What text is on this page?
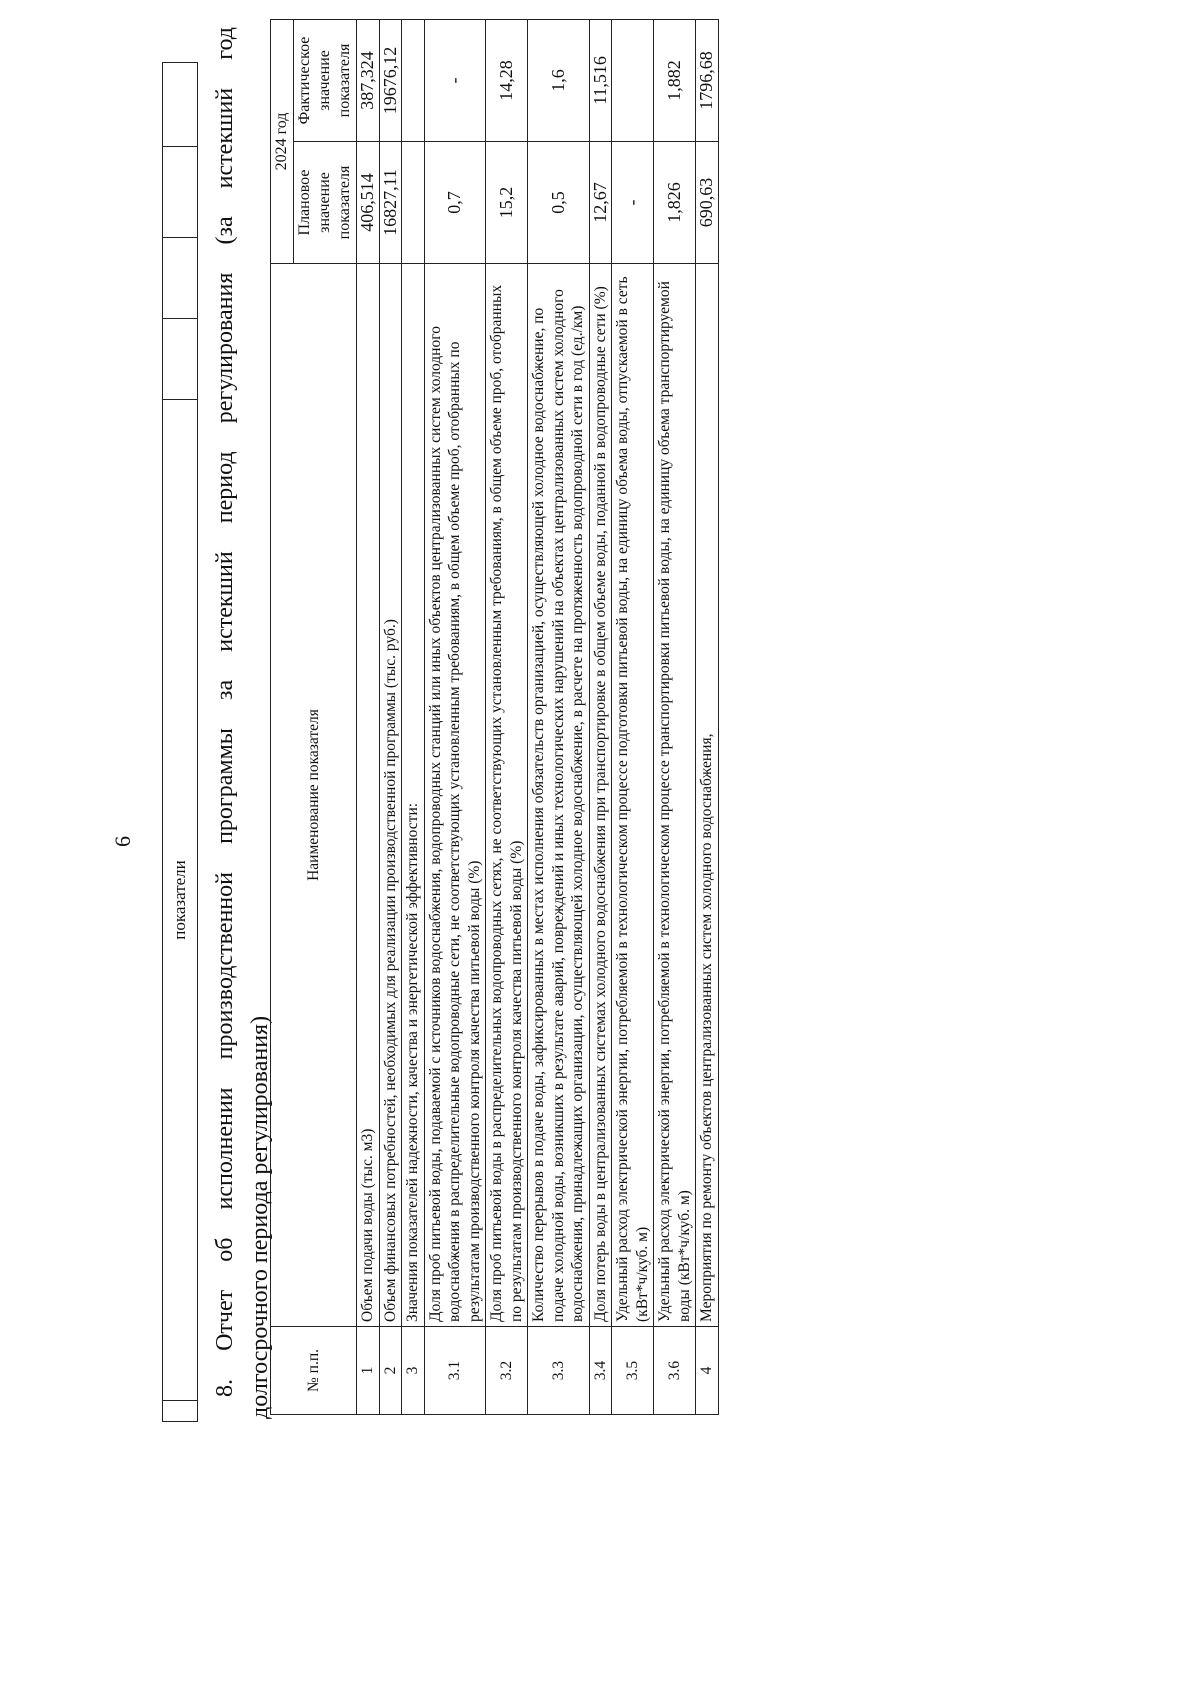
6
	показатели				8. Отчет об исполнении производственной программы за истекший период регулирования (за истекший год долгосрочного периода регулирования) № п.п.	Наименование показателя	2024 год	
		Плановое значение показателя	Фактическое значение показателя
1	Объем подачи воды (тыс. м3)	406,514	387,324
2	Объем финансовых потребностей, необходимых для реализации производственной программы (тыс. руб.)	16827,11	19676,12
3	Значения показателей надежности, качества и энергетической эффективности:		
3.1	Доля проб питьевой воды, подаваемой с источников водоснабжения, водопроводных станций или иных объектов централизованных систем холодного водоснабжения в распределительные водопроводные сети, не соответствующих установленным требованиям, в общем объеме проб, отобранных по результатам производственного контроля качества питьевой воды (%)	0,7	-
3.2	Доля проб питьевой воды в распределительных водопроводных сетях, не соответствующих установленным требованиям, в общем объеме проб, отобранных по результатам производственного контроля качества питьевой воды (%)	15,2	14,28
3.3	Количество перерывов в подаче воды, зафиксированных в местах исполнения обязательств организацией, осуществляющей холодное водоснабжение, по подаче холодной воды, возникших в результате аварий, повреждений и иных технологических нарушений на объектах централизованных систем холодного водоснабжения, принадлежащих организации, осуществляющей холодное водоснабжение, в расчете на протяженность водопроводной сети в год (ед./км)	0,5	1,6
3.4	Доля потерь воды в централизованных системах холодного водоснабжения при транспортировке в общем объеме воды, поданной в водопроводные сети (%)	12,67	11,516
3.5	Удельный расход электрической энергии, потребляемой в технологическом процессе подготовки питьевой воды, на единицу объема воды, отпускаемой в сеть (кВт*ч/куб. м)	-	
3.6	Удельный расход электрической энергии, потребляемой в технологическом процессе транспортировки питьевой воды, на единицу объема транспортируемой воды (кВт*ч/куб. м)	1,826	1,882
4	Мероприятия по ремонту объектов централизованных систем холодного водоснабжения,	690,63	1796,68
